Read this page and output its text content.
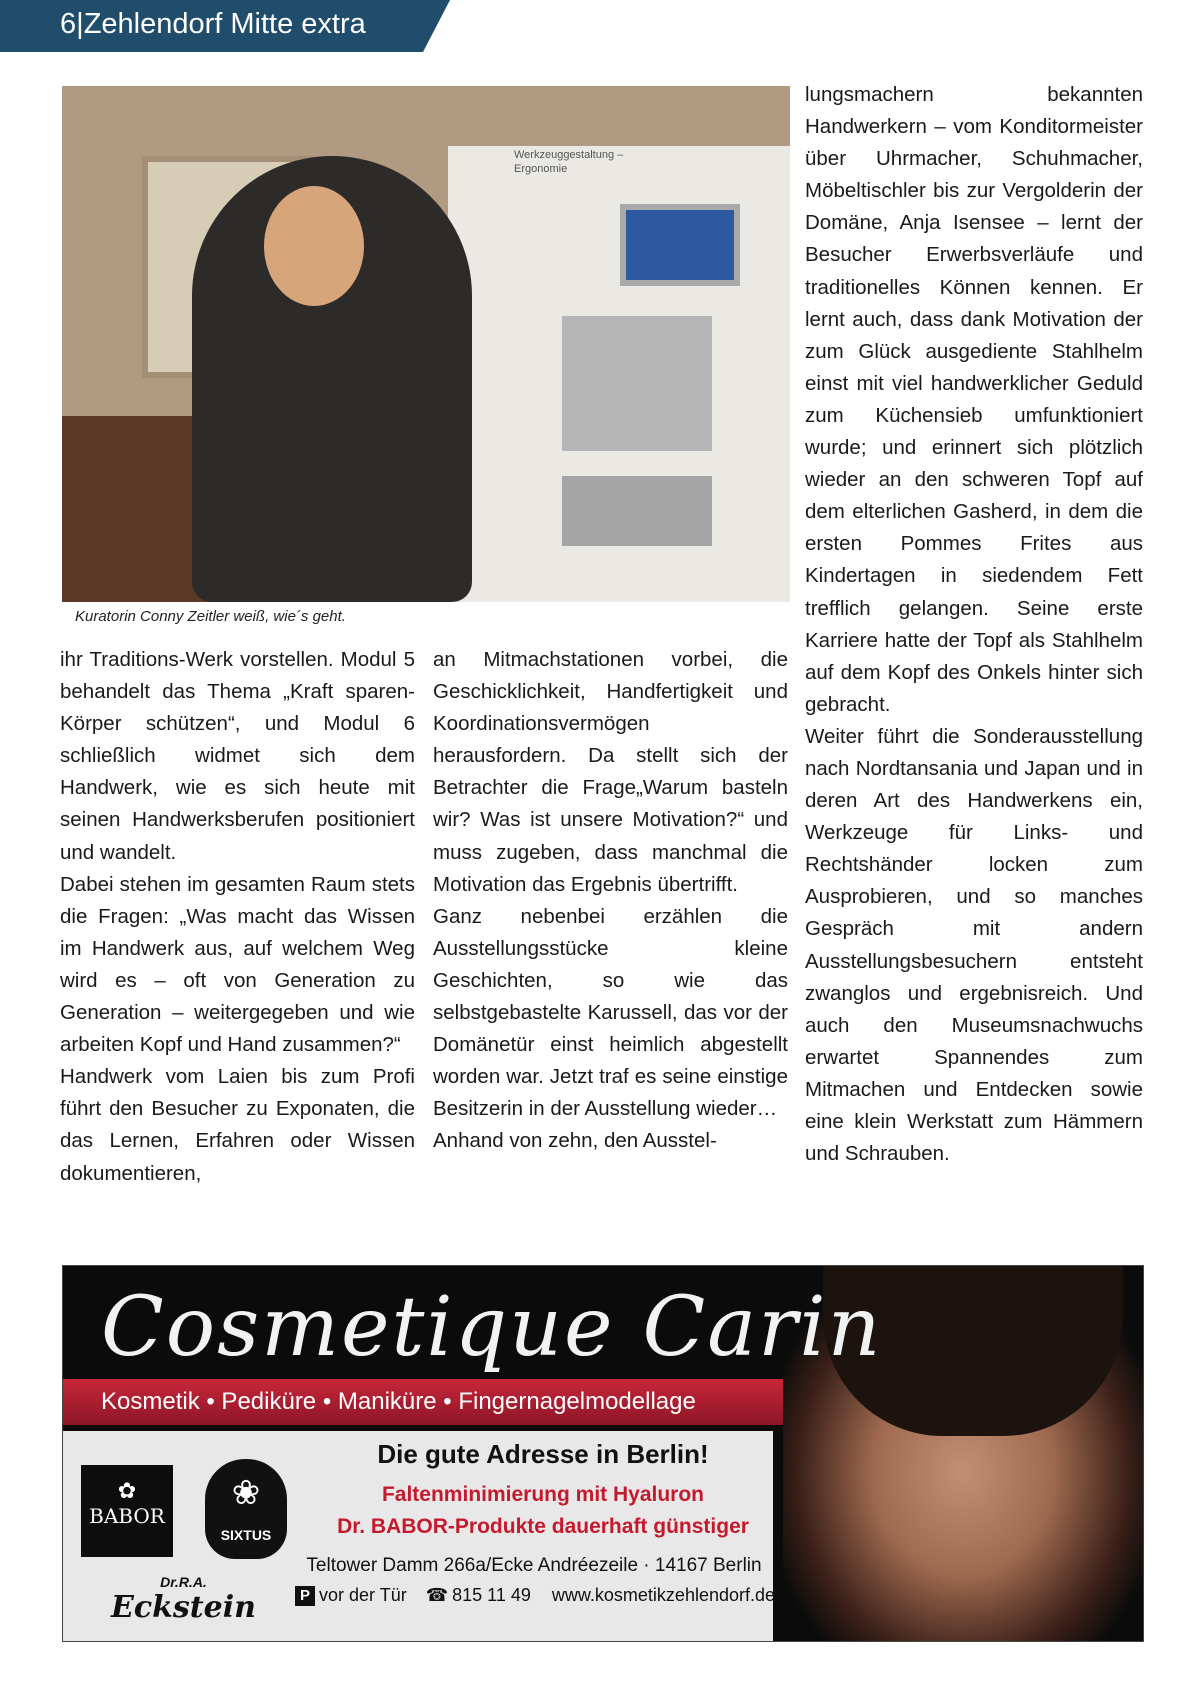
6|Zehlendorf Mitte extra
Werkzeuggestaltung –
Ergonomie
Kuratorin Conny Zeitler weiß, wie´s geht.

ihr Traditions-Werk vorstellen. Modul 5 behandelt das Thema „Kraft sparen- Körper schützen“, und Modul 6 schließlich widmet sich dem Handwerk, wie es sich heute mit seinen Handwerksberufen positioniert und wandelt.

Dabei stehen im gesamten Raum stets die Fragen: „Was macht das Wissen im Handwerk aus, auf welchem Weg wird es – oft von Generation zu Generation – weitergegeben und wie arbeiten Kopf und Hand zusammen?“

Handwerk vom Laien bis zum Profi führt den Besucher zu Exponaten, die das Lernen, Erfahren oder Wissen dokumentieren,

an Mitmachstationen vorbei, die Geschicklichkeit, Handfertigkeit und Koordinationsvermögen herausfordern. Da stellt sich der Betrachter die Frage„Warum basteln wir? Was ist unsere Motivation?“ und muss zugeben, dass manchmal die Motivation das Ergebnis übertrifft.

Ganz nebenbei erzählen die Ausstellungsstücke kleine Geschichten, so wie das selbstgebastelte Karussell, das vor der Domänetür einst heimlich abgestellt worden war. Jetzt traf es seine einstige Besitzerin in der Ausstellung wieder…

Anhand von zehn, den Ausstel-

lungsmachern bekannten Handwerkern – vom Konditormeister über Uhrmacher, Schuhmacher, Möbeltischler bis zur Vergolderin der Domäne, Anja Isensee – lernt der Besucher Erwerbsverläufe und traditionelles Können kennen. Er lernt auch, dass dank Motivation der zum Glück ausgediente Stahlhelm einst mit viel handwerklicher Geduld zum Küchensieb umfunktioniert wurde; und erinnert sich plötzlich wieder an den schweren Topf auf dem elterlichen Gasherd, in dem die ersten Pommes Frites aus Kindertagen in siedendem Fett trefflich gelangen. Seine erste Karriere hatte der Topf als Stahlhelm auf dem Kopf des Onkels hinter sich gebracht.

Weiter führt die Sonderausstellung nach Nordtansania und Japan und in deren Art des Handwerkens ein, Werkzeuge für Links- und Rechtshänder locken zum Ausprobieren, und so manches Gespräch mit andern Ausstellungsbesuchern entsteht zwanglos und ergebnisreich. Und auch den Museumsnachwuchs erwartet Spannendes zum Mitmachen und Entdecken sowie eine klein Werkstatt zum Hämmern und Schrauben.

Cosmetique Carin
Kosmetik • Pediküre • Maniküre • Fingernagelmodellage
✿
BABOR
❀
SIXTUS
Dr.R.A.
Eckstein
Die gute Adresse in Berlin!
Faltenminimierung mit Hyaluron
Dr. BABOR-Produkte dauerhaft günstiger
Teltower Damm 266a/Ecke Andréezeile · 14167 Berlin
P vor der Tür ☎ 815 11 49 www.kosmetikzehlendorf.de
